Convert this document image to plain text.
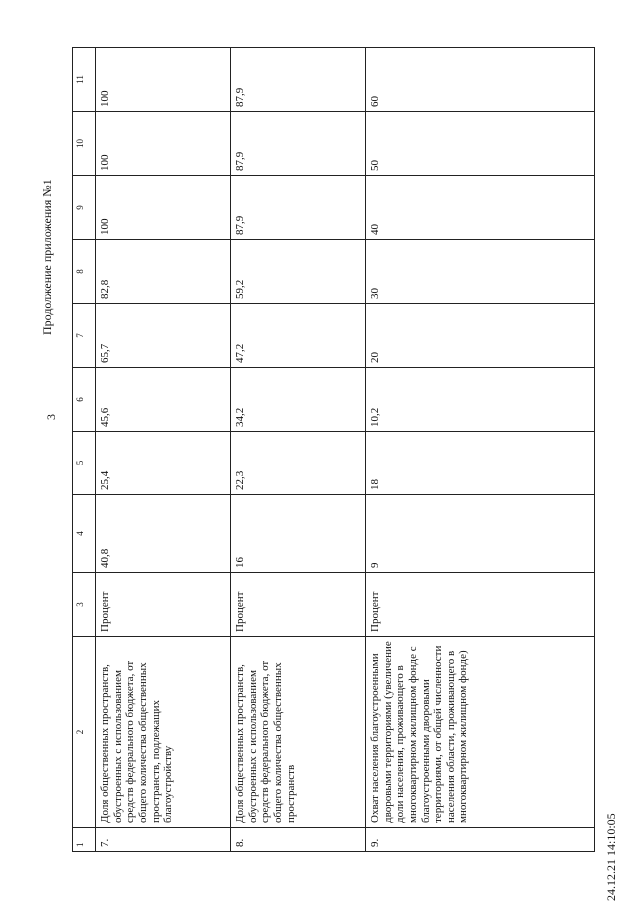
3
Продолжение приложения №1
1	2	3	4	5	6	7	8	9	10	11
7.	Доля общественных пространств, обустроенных с использованием средств федерального бюджета, от общего количества общественных пространств, подлежащих благоустройству	Процент	40,8	25,4	45,6	65,7	82,8	100	100	100
8.	Доля общественных пространств, обустроенных с использованием средств федерального бюджета, от общего количества общественных пространств	Процент	16	22,3	34,2	47,2	59,2	87,9	87,9	87,9
9.	Охват населения благоустроенными дворовыми территориями (увеличение доли населения, проживающего в многоквартирном жилищном фонде с благоустроенными дворовыми территориями, от общей численности населения области, проживающего в многоквартирном жилищном фонде)	Процент	9	18	10,2	20	30	40	50	60
24.12.21 14:10:05
